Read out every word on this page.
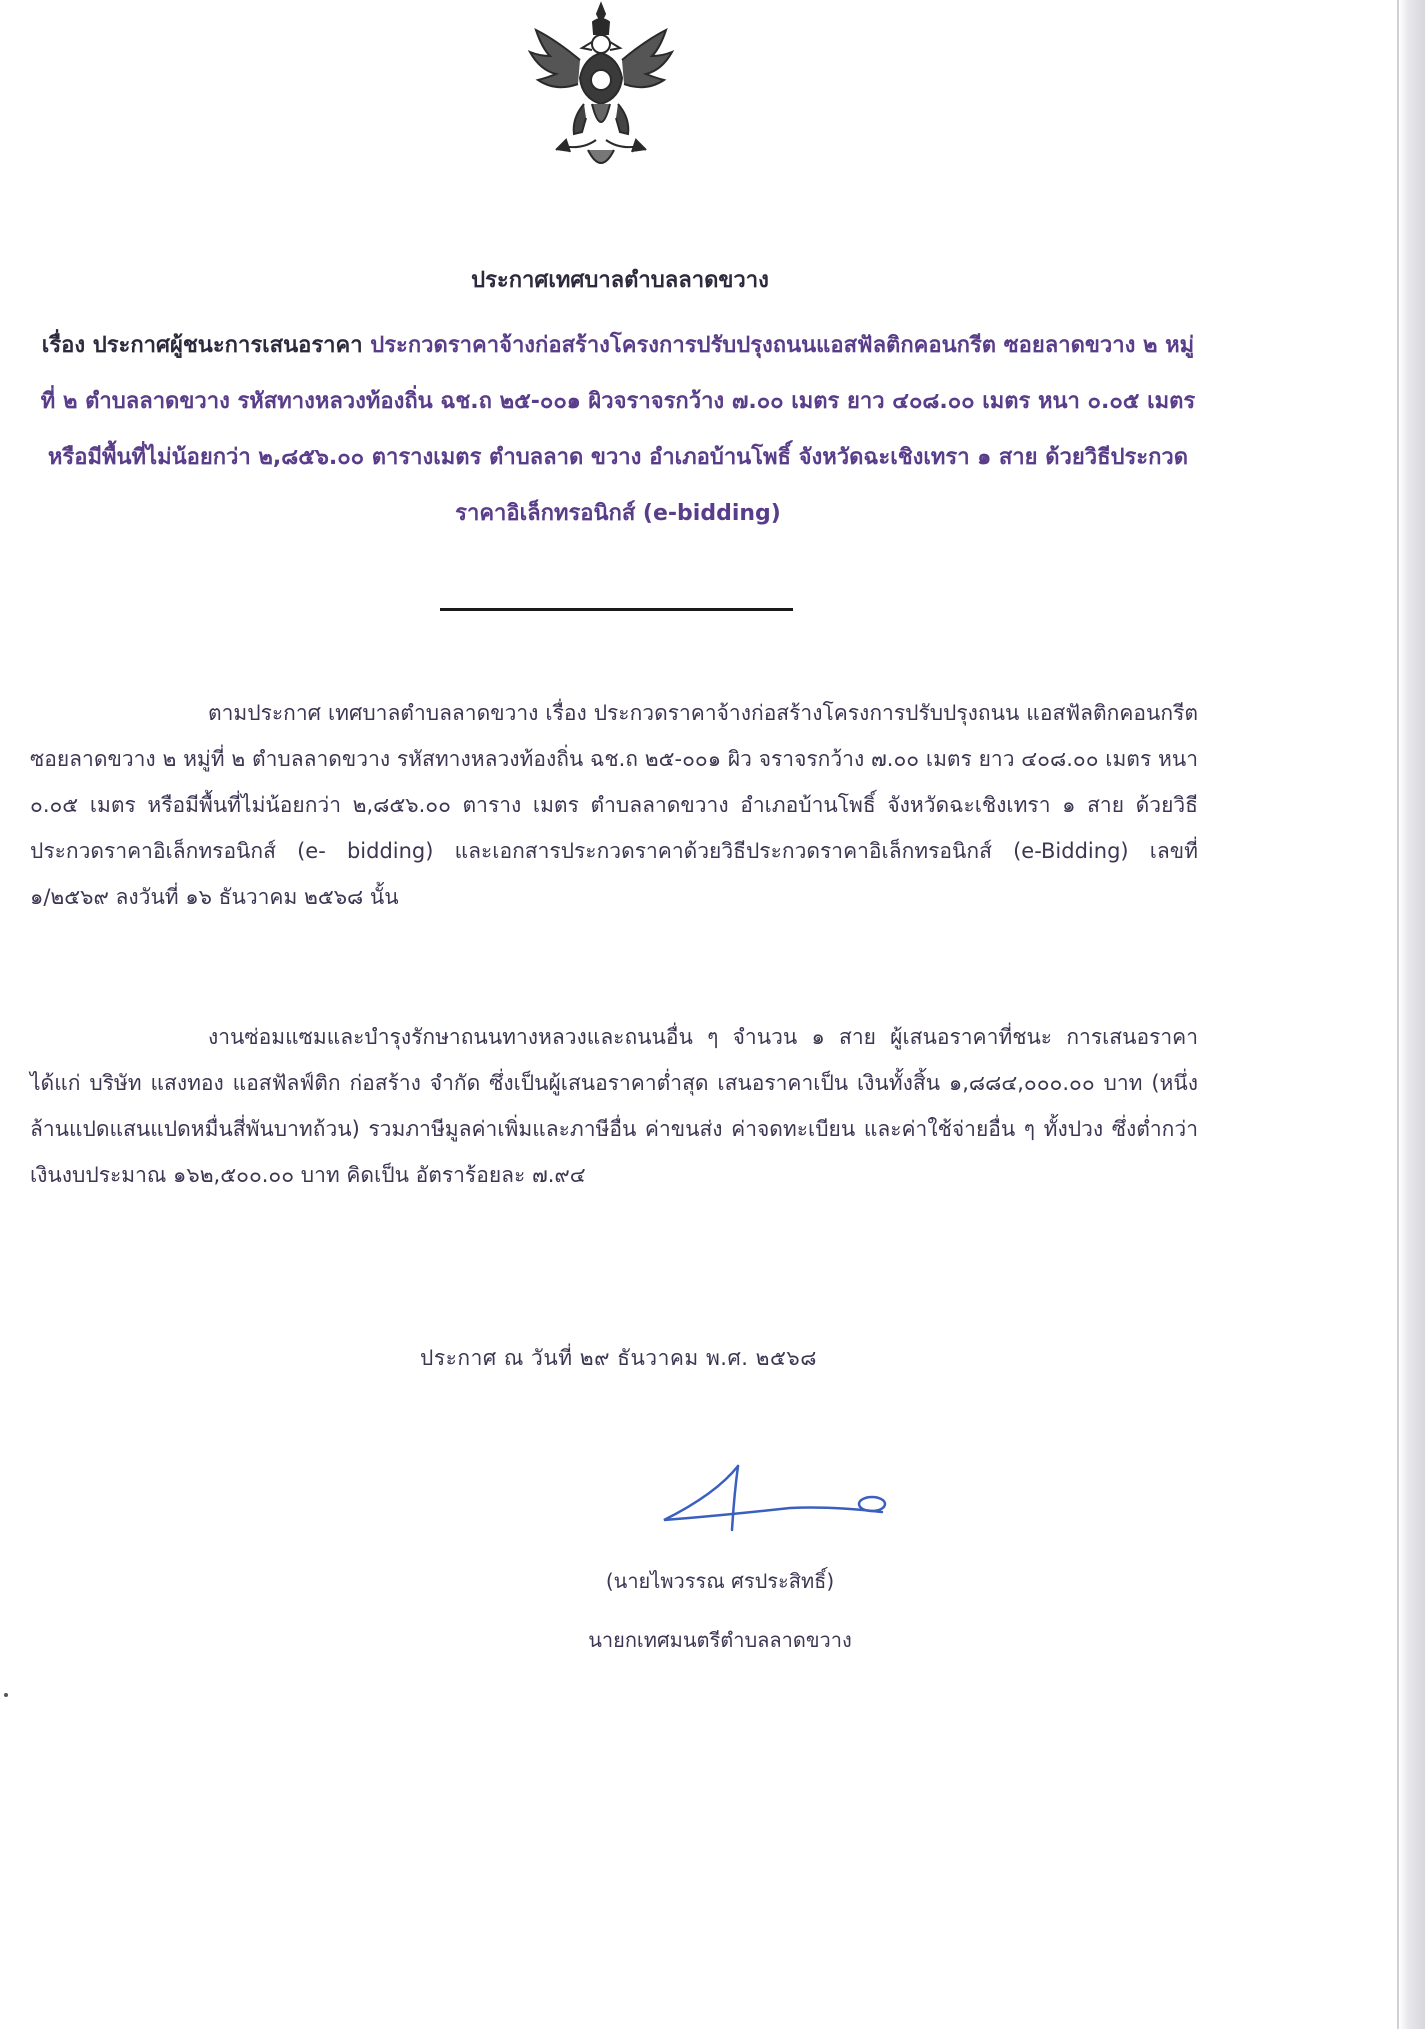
ประกาศเทศบาลตำบลลาดขวาง
เรื่อง ประกาศผู้ชนะการเสนอราคา ประกวดราคาจ้างก่อสร้างโครงการปรับปรุงถนนแอสฟัลติกคอนกรีต ซอยลาดขวาง ๒ หมู่ที่ ๒ ตำบลลาดขวาง รหัสทางหลวงท้องถิ่น ฉช.ถ ๒๕-๐๐๑ ผิวจราจรกว้าง ๗.๐๐ เมตร ยาว ๔๐๘.๐๐ เมตร หนา ๐.๐๕ เมตร หรือมีพื้นที่ไม่น้อยกว่า ๒,๘๕๖.๐๐ ตารางเมตร ตำบลลาด ขวาง อำเภอบ้านโพธิ์ จังหวัดฉะเชิงเทรา ๑ สาย ด้วยวิธีประกวดราคาอิเล็กทรอนิกส์ (e-bidding)
ตามประกาศ เทศบาลตำบลลาดขวาง เรื่อง ประกวดราคาจ้างก่อสร้างโครงการปรับปรุงถนน แอสฟัลติกคอนกรีต ซอยลาดขวาง ๒ หมู่ที่ ๒ ตำบลลาดขวาง รหัสทางหลวงท้องถิ่น ฉช.ถ ๒๕-๐๐๑ ผิว จราจรกว้าง ๗.๐๐ เมตร ยาว ๔๐๘.๐๐ เมตร หนา ๐.๐๕ เมตร หรือมีพื้นที่ไม่น้อยกว่า ๒,๘๕๖.๐๐ ตาราง เมตร ตำบลลาดขวาง อำเภอบ้านโพธิ์ จังหวัดฉะเชิงเทรา ๑ สาย ด้วยวิธีประกวดราคาอิเล็กทรอนิกส์ (e- bidding) และเอกสารประกวดราคาด้วยวิธีประกวดราคาอิเล็กทรอนิกส์ (e-Bidding) เลขที่ ๑/๒๕๖๙ ลงวันที่ ๑๖ ธันวาคม ๒๕๖๘ นั้น
งานซ่อมแซมและบำรุงรักษาถนนทางหลวงและถนนอื่น ๆ จำนวน ๑ สาย ผู้เสนอราคาที่ชนะ การเสนอราคา ได้แก่ บริษัท แสงทอง แอสฟัลฟ์ติก ก่อสร้าง จำกัด ซึ่งเป็นผู้เสนอราคาต่ำสุด เสนอราคาเป็น เงินทั้งสิ้น ๑,๘๘๔,๐๐๐.๐๐ บาท (หนึ่งล้านแปดแสนแปดหมื่นสี่พันบาทถ้วน) รวมภาษีมูลค่าเพิ่มและภาษีอื่น ค่าขนส่ง ค่าจดทะเบียน และค่าใช้จ่ายอื่น ๆ ทั้งปวง ซึ่งต่ำกว่าเงินงบประมาณ ๑๖๒,๕๐๐.๐๐ บาท คิดเป็น อัตราร้อยละ ๗.๙๔
ประกาศ ณ วันที่ ๒๙ ธันวาคม พ.ศ. ๒๕๖๘
(นายไพวรรณ ศรประสิทธิ์)
นายกเทศมนตรีตำบลลาดขวาง
